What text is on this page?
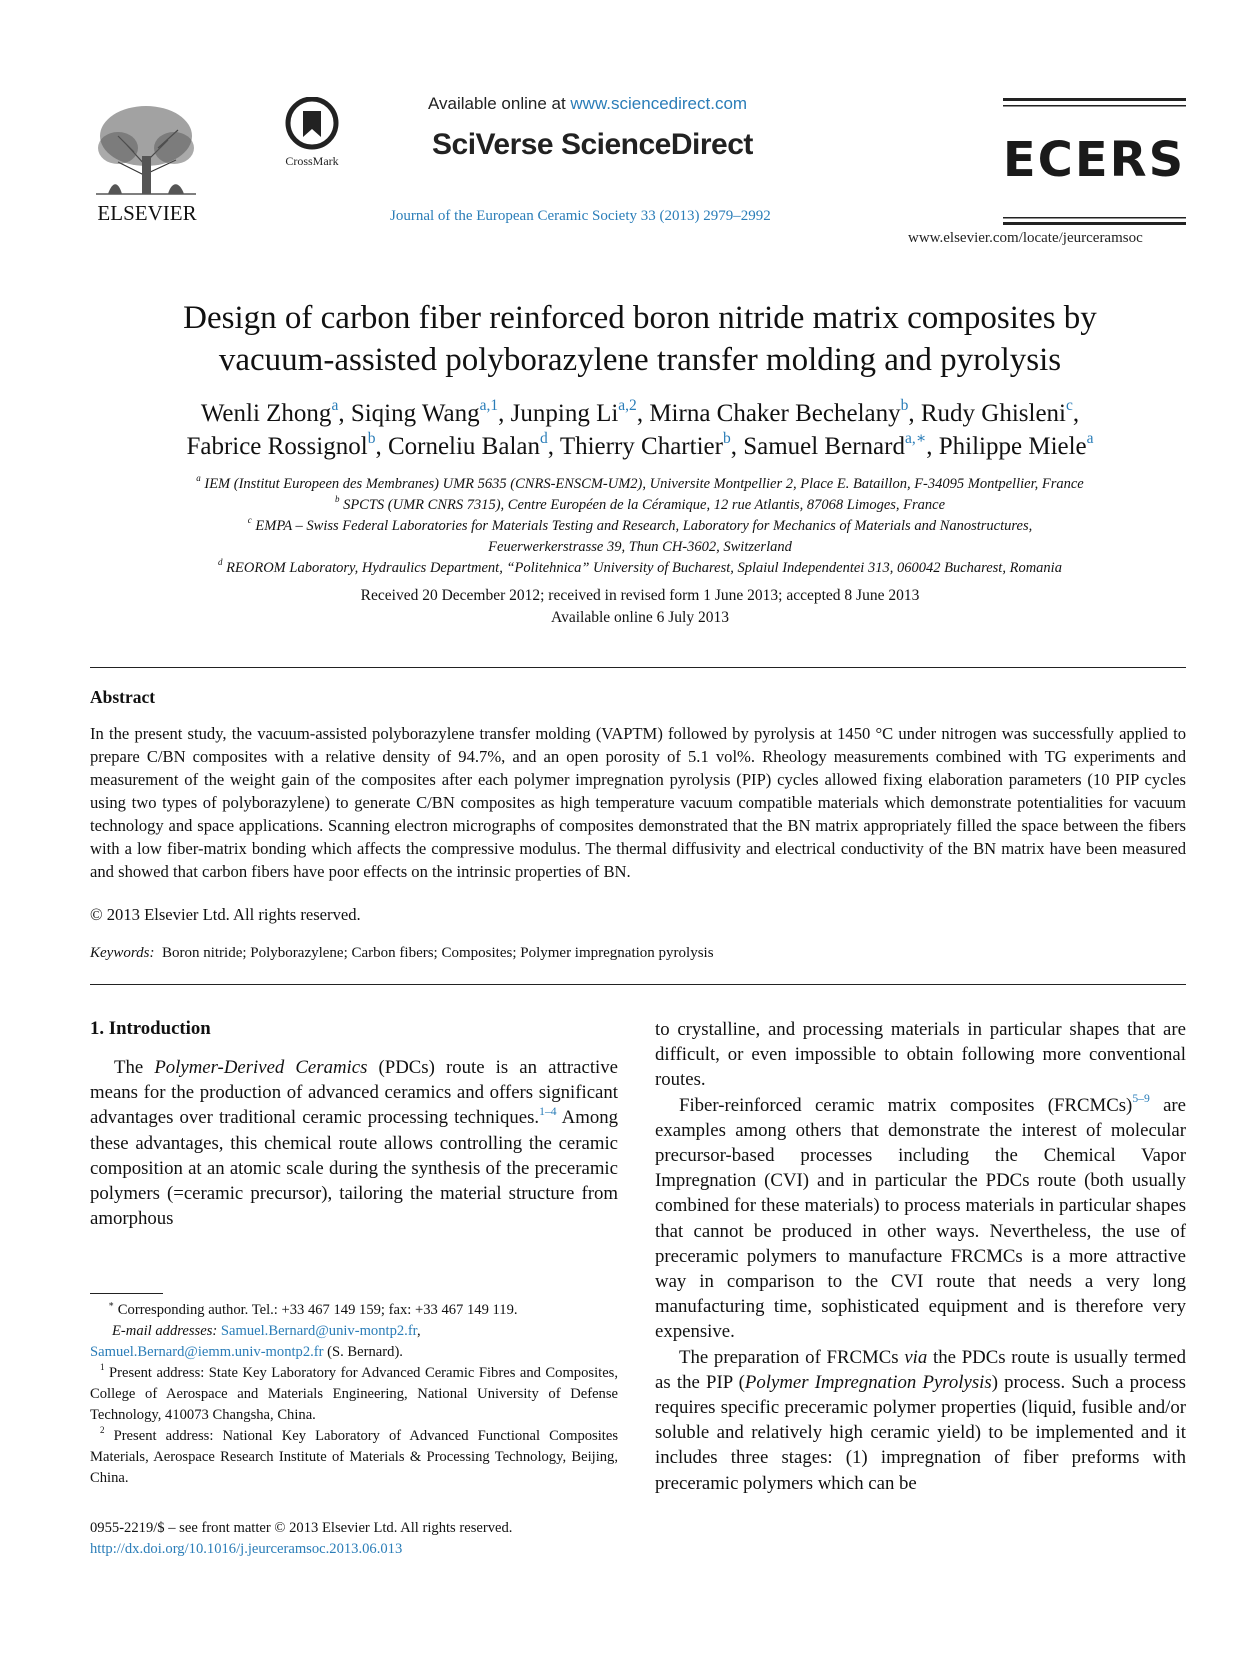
ELSEVIER
CrossMark
Available online at www.sciencedirect.com
SciVerse ScienceDirect
Journal of the European Ceramic Society 33 (2013) 2979–2992
ECERS
www.elsevier.com/locate/jeurceramsoc
Design of carbon fiber reinforced boron nitride matrix composites by
vacuum-assisted polyborazylene transfer molding and pyrolysis
Wenli Zhong$^a$, Siqing Wang$^{a,1}$, Junping Li$^{a,2}$, Mirna Chaker Bechelany$^b$, Rudy Ghisleni$^c$,
Fabrice Rossignol$^b$, Corneliu Balan$^d$, Thierry Chartier$^b$, Samuel Bernard$^{a,∗}$, Philippe Miele$^a$
$^a$ IEM (Institut Europeen des Membranes) UMR 5635 (CNRS-ENSCM-UM2), Universite Montpellier 2, Place E. Bataillon, F-34095 Montpellier, France
$^b$ SPCTS (UMR CNRS 7315), Centre Européen de la Céramique, 12 rue Atlantis, 87068 Limoges, France
$^c$ EMPA – Swiss Federal Laboratories for Materials Testing and Research, Laboratory for Mechanics of Materials and Nanostructures,
Feuerwerkerstrasse 39, Thun CH-3602, Switzerland
$^d$ REOROM Laboratory, Hydraulics Department, “Politehnica” University of Bucharest, Splaiul Independentei 313, 060042 Bucharest, Romania
Received 20 December 2012; received in revised form 1 June 2013; accepted 8 June 2013
Available online 6 July 2013
Abstract
In the present study, the vacuum-assisted polyborazylene transfer molding (VAPTM) followed by pyrolysis at 1450 °C under nitrogen was successfully applied to prepare C/BN composites with a relative density of 94.7%, and an open porosity of 5.1 vol%. Rheology measurements combined with TG experiments and measurement of the weight gain of the composites after each polymer impregnation pyrolysis (PIP) cycles allowed fixing elaboration parameters (10 PIP cycles using two types of polyborazylene) to generate C/BN composites as high temperature vacuum compatible materials which demonstrate potentialities for vacuum technology and space applications. Scanning electron micrographs of composites demonstrated that the BN matrix appropriately filled the space between the fibers with a low fiber-matrix bonding which affects the compressive modulus. The thermal diffusivity and electrical conductivity of the BN matrix have been measured and showed that carbon fibers have poor effects on the intrinsic properties of BN.
© 2013 Elsevier Ltd. All rights reserved.
Keywords: Boron nitride; Polyborazylene; Carbon fibers; Composites; Polymer impregnation pyrolysis
1. Introduction

The Polymer-Derived Ceramics (PDCs) route is an attractive means for the production of advanced ceramics and offers significant advantages over traditional ceramic processing techniques.$^{1-4}$ Among these advantages, this chemical route allows controlling the ceramic composition at an atomic scale during the synthesis of the preceramic polymers (=ceramic precursor), tailoring the material structure from amorphous

to crystalline, and processing materials in particular shapes that are difficult, or even impossible to obtain following more conventional routes.

Fiber-reinforced ceramic matrix composites (FRCMCs)$^{5-9}$ are examples among others that demonstrate the interest of molecular precursor-based processes including the Chemical Vapor Impregnation (CVI) and in particular the PDCs route (both usually combined for these materials) to process materials in particular shapes that cannot be produced in other ways. Nevertheless, the use of preceramic polymers to manufacture FRCMCs is a more attractive way in comparison to the CVI route that needs a very long manufacturing time, sophisticated equipment and is therefore very expensive.

The preparation of FRCMCs via the PDCs route is usually termed as the PIP (Polymer Impregnation Pyrolysis) process. Such a process requires specific preceramic polymer properties (liquid, fusible and/or soluble and relatively high ceramic yield) to be implemented and it includes three stages: (1) impregnation of fiber preforms with preceramic polymers which can be

∗ Corresponding author. Tel.: +33 467 149 159; fax: +33 467 149 119.

E-mail addresses: Samuel.Bernard@univ-montp2.fr,
Samuel.Bernard@iemm.univ-montp2.fr (S. Bernard).

$^1$ Present address: State Key Laboratory for Advanced Ceramic Fibres and Composites, College of Aerospace and Materials Engineering, National University of Defense Technology, 410073 Changsha, China.

$^2$ Present address: National Key Laboratory of Advanced Functional Composites Materials, Aerospace Research Institute of Materials & Processing Technology, Beijing, China.

0955-2219/$ – see front matter © 2013 Elsevier Ltd. All rights reserved.
http://dx.doi.org/10.1016/j.jeurceramsoc.2013.06.013
